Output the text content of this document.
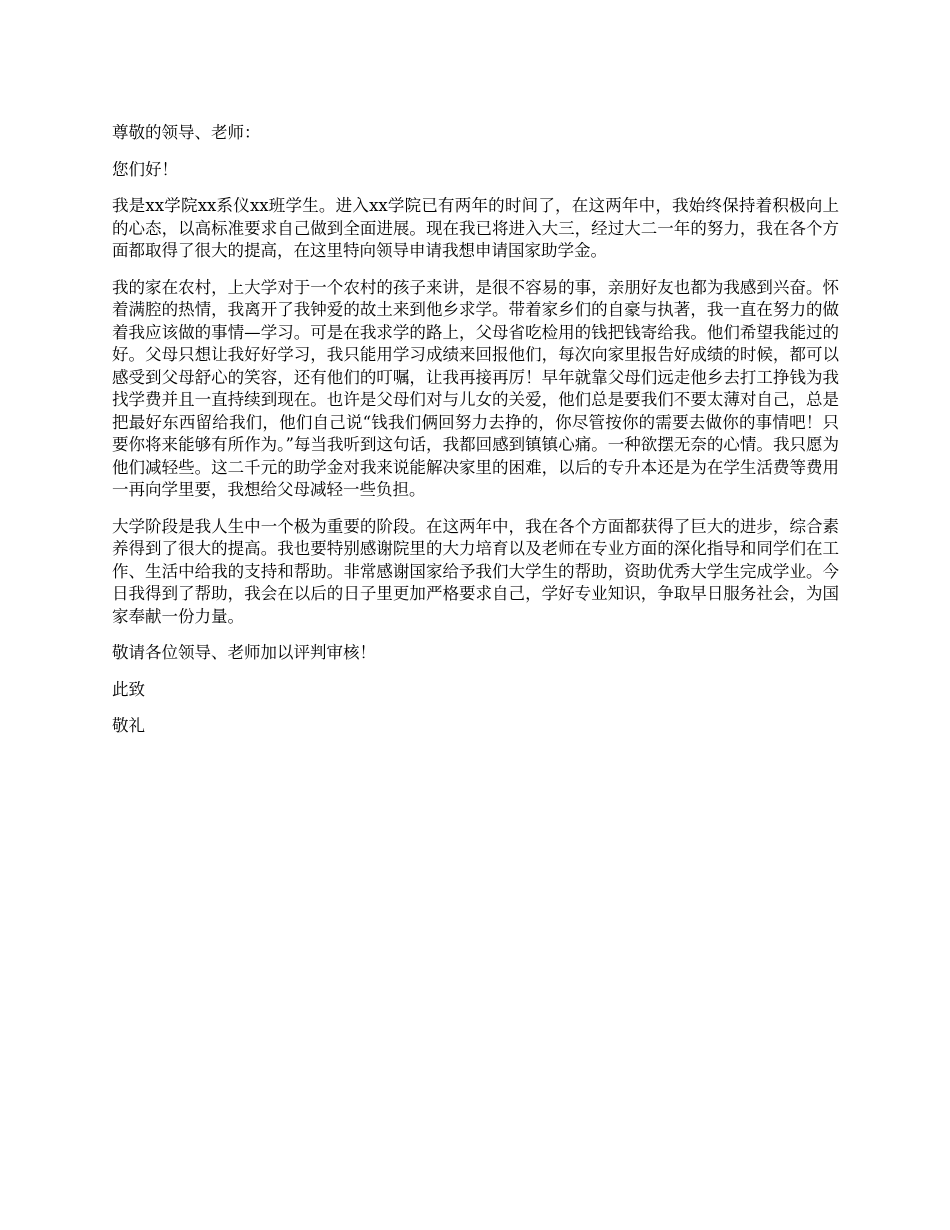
尊敬的领导、老师：

您们好！

我是xx学院xx系仪xx班学生。进入xx学院已有两年的时间了，在这两年中，我始终保持着积极向上的心态，以高标准要求自己做到全面进展。现在我已将进入大三，经过大二一年的努力，我在各个方面都取得了很大的提高，在这里特向领导申请我想申请国家助学金。

我的家在农村，上大学对于一个农村的孩子来讲，是很不容易的事，亲朋好友也都为我感到兴奋。怀着满腔的热情，我离开了我钟爱的故土来到他乡求学。带着家乡们的自豪与执著，我一直在努力的做着我应该做的事情—学习。可是在我求学的路上，父母省吃检用的钱把钱寄给我。他们希望我能过的好。父母只想让我好好学习，我只能用学习成绩来回报他们，每次向家里报告好成绩的时候，都可以感受到父母舒心的笑容，还有他们的叮嘱，让我再接再厉！早年就靠父母们远走他乡去打工挣钱为我找学费并且一直持续到现在。也许是父母们对与儿女的关爱，他们总是要我们不要太薄对自己，总是把最好东西留给我们，他们自己说“钱我们俩回努力去挣的，你尽管按你的需要去做你的事情吧！只要你将来能够有所作为。”每当我听到这句话，我都回感到镇镇心痛。一种欲摆无奈的心情。我只愿为他们减轻些。这二千元的助学金对我来说能解决家里的困难，以后的专升本还是为在学生活费等费用一再向学里要，我想给父母减轻一些负担。

大学阶段是我人生中一个极为重要的阶段。在这两年中，我在各个方面都获得了巨大的进步，综合素养得到了很大的提高。我也要特别感谢院里的大力培育以及老师在专业方面的深化指导和同学们在工作、生活中给我的支持和帮助。非常感谢国家给予我们大学生的帮助，资助优秀大学生完成学业。今日我得到了帮助，我会在以后的日子里更加严格要求自己，学好专业知识，争取早日服务社会，为国家奉献一份力量。

敬请各位领导、老师加以评判审核！

此致

敬礼
